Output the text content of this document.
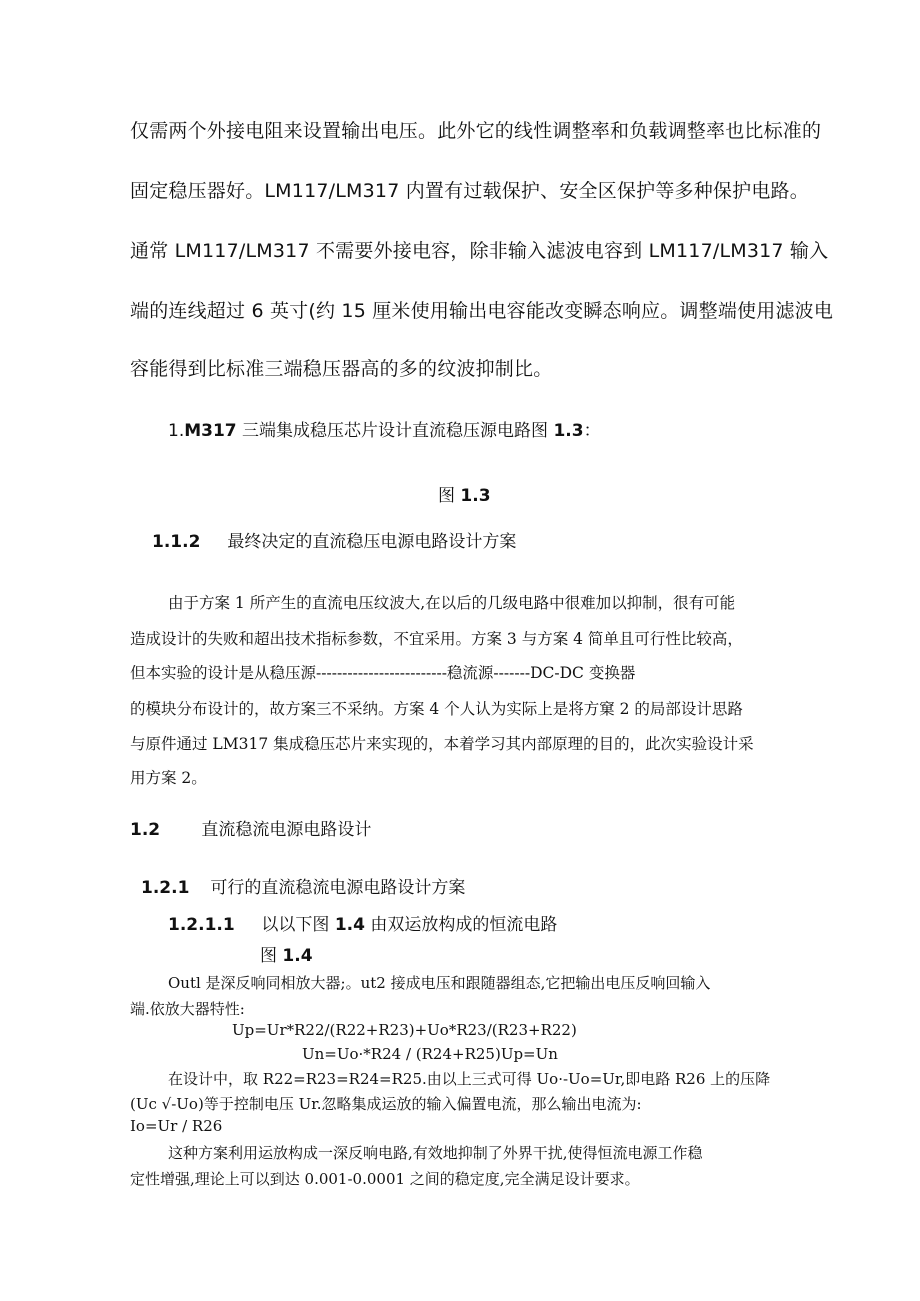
仅需两个外接电阻来设置输出电压。此外它的线性调整率和负载调整率也比标准的
固定稳压器好。LM117/LM317 内置有过载保护、安全区保护等多种保护电路。
通常 LM117/LM317 不需要外接电容，除非输入滤波电容到 LM117/LM317 输入
端的连线超过 6 英寸(约 15 厘米使用输出电容能改变瞬态响应。调整端使用滤波电
容能得到比标准三端稳压器高的多的纹波抑制比。
1.M317 三端集成稳压芯片设计直流稳压源电路图 1.3：
图 1.3
1.1.2 最终决定的直流稳压电源电路设计方案
由于方案 1 所产生的直流电压纹波大,在以后的几级电路中很难加以抑制，很有可能
造成设计的失败和超出技术指标参数，不宜采用。方案 3 与方案 4 简单且可行性比较高，
但本实验的设计是从稳压源-------------------------稳流源-------DC-DC 变换器
的模块分布设计的，故方案三不采纳。方案 4 个人认为实际上是将方窠 2 的局部设计思路
与原件通过 LM317 集成稳压芯片来实现的，本着学习其内部原理的目的，此次实验设计采
用方案 2。
1.2 直流稳流电源电路设计
1.2.1 可行的直流稳流电源电路设计方案
1.2.1.1 以以下图 1.4 由双运放构成的恒流电路
图 1.4
Outl 是深反响同相放大器;。ut2 接成电压和跟随器组态,它把输出电压反响回输入
端.依放大器特性:
Up=Ur*R22/(R22+R23)+Uo*R23/(R23+R22)
Un=Uo·*R24 / (R24+R25)Up=Un
在设计中，取 R22=R23=R24=R25.由以上三式可得 Uo·-Uo=Ur,即电路 R26 上的压降
(Uc √-Uo)等于控制电压 Ur.忽略集成运放的输入偏置电流，那么输出电流为:
Io=Ur / R26
这种方案利用运放构成一深反响电路,有效地抑制了外界干扰,使得恒流电源工作稳
定性增强,理论上可以到达 0.001-0.0001 之间的稳定度,完全满足设计要求。
